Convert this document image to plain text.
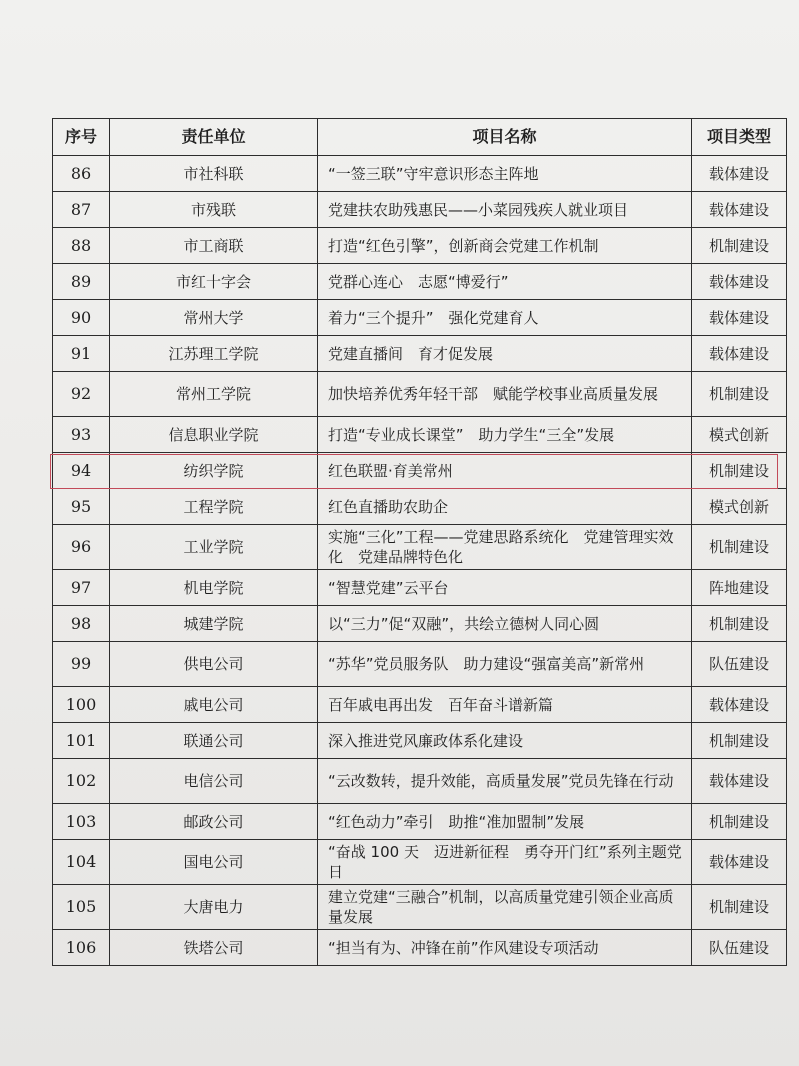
序号	责任单位	项目名称	项目类型
86	市社科联	“一签三联”守牢意识形态主阵地	载体建设
87	市残联	党建扶农助残惠民——小菜园残疾人就业项目	载体建设
88	市工商联	打造“红色引擎”，创新商会党建工作机制	机制建设
89	市红十字会	党群心连心　志愿“博爱行”	载体建设
90	常州大学	着力“三个提升”　强化党建育人	载体建设
91	江苏理工学院	党建直播间　育才促发展	载体建设
92	常州工学院	加快培养优秀年轻干部　赋能学校事业高质量发展	机制建设
93	信息职业学院	打造“专业成长课堂”　助力学生“三全”发展	模式创新
94	纺织学院	红色联盟·育美常州	机制建设
95	工程学院	红色直播助农助企	模式创新
96	工业学院	实施“三化”工程——党建思路系统化　党建管理实效化　党建品牌特色化	机制建设
97	机电学院	“智慧党建”云平台	阵地建设
98	城建学院	以“三力”促“双融”，共绘立德树人同心圆	机制建设
99	供电公司	“苏华”党员服务队　助力建设“强富美高”新常州	队伍建设
100	戚电公司	百年戚电再出发　百年奋斗谱新篇	载体建设
101	联通公司	深入推进党风廉政体系化建设	机制建设
102	电信公司	“云改数转，提升效能，高质量发展”党员先锋在行动	载体建设
103	邮政公司	“红色动力”牵引　助推“准加盟制”发展	机制建设
104	国电公司	“奋战 100 天　迈进新征程　勇夺开门红”系列主题党日	载体建设
105	大唐电力	建立党建“三融合”机制，以高质量党建引领企业高质量发展	机制建设
106	铁塔公司	“担当有为、冲锋在前”作风建设专项活动	队伍建设
